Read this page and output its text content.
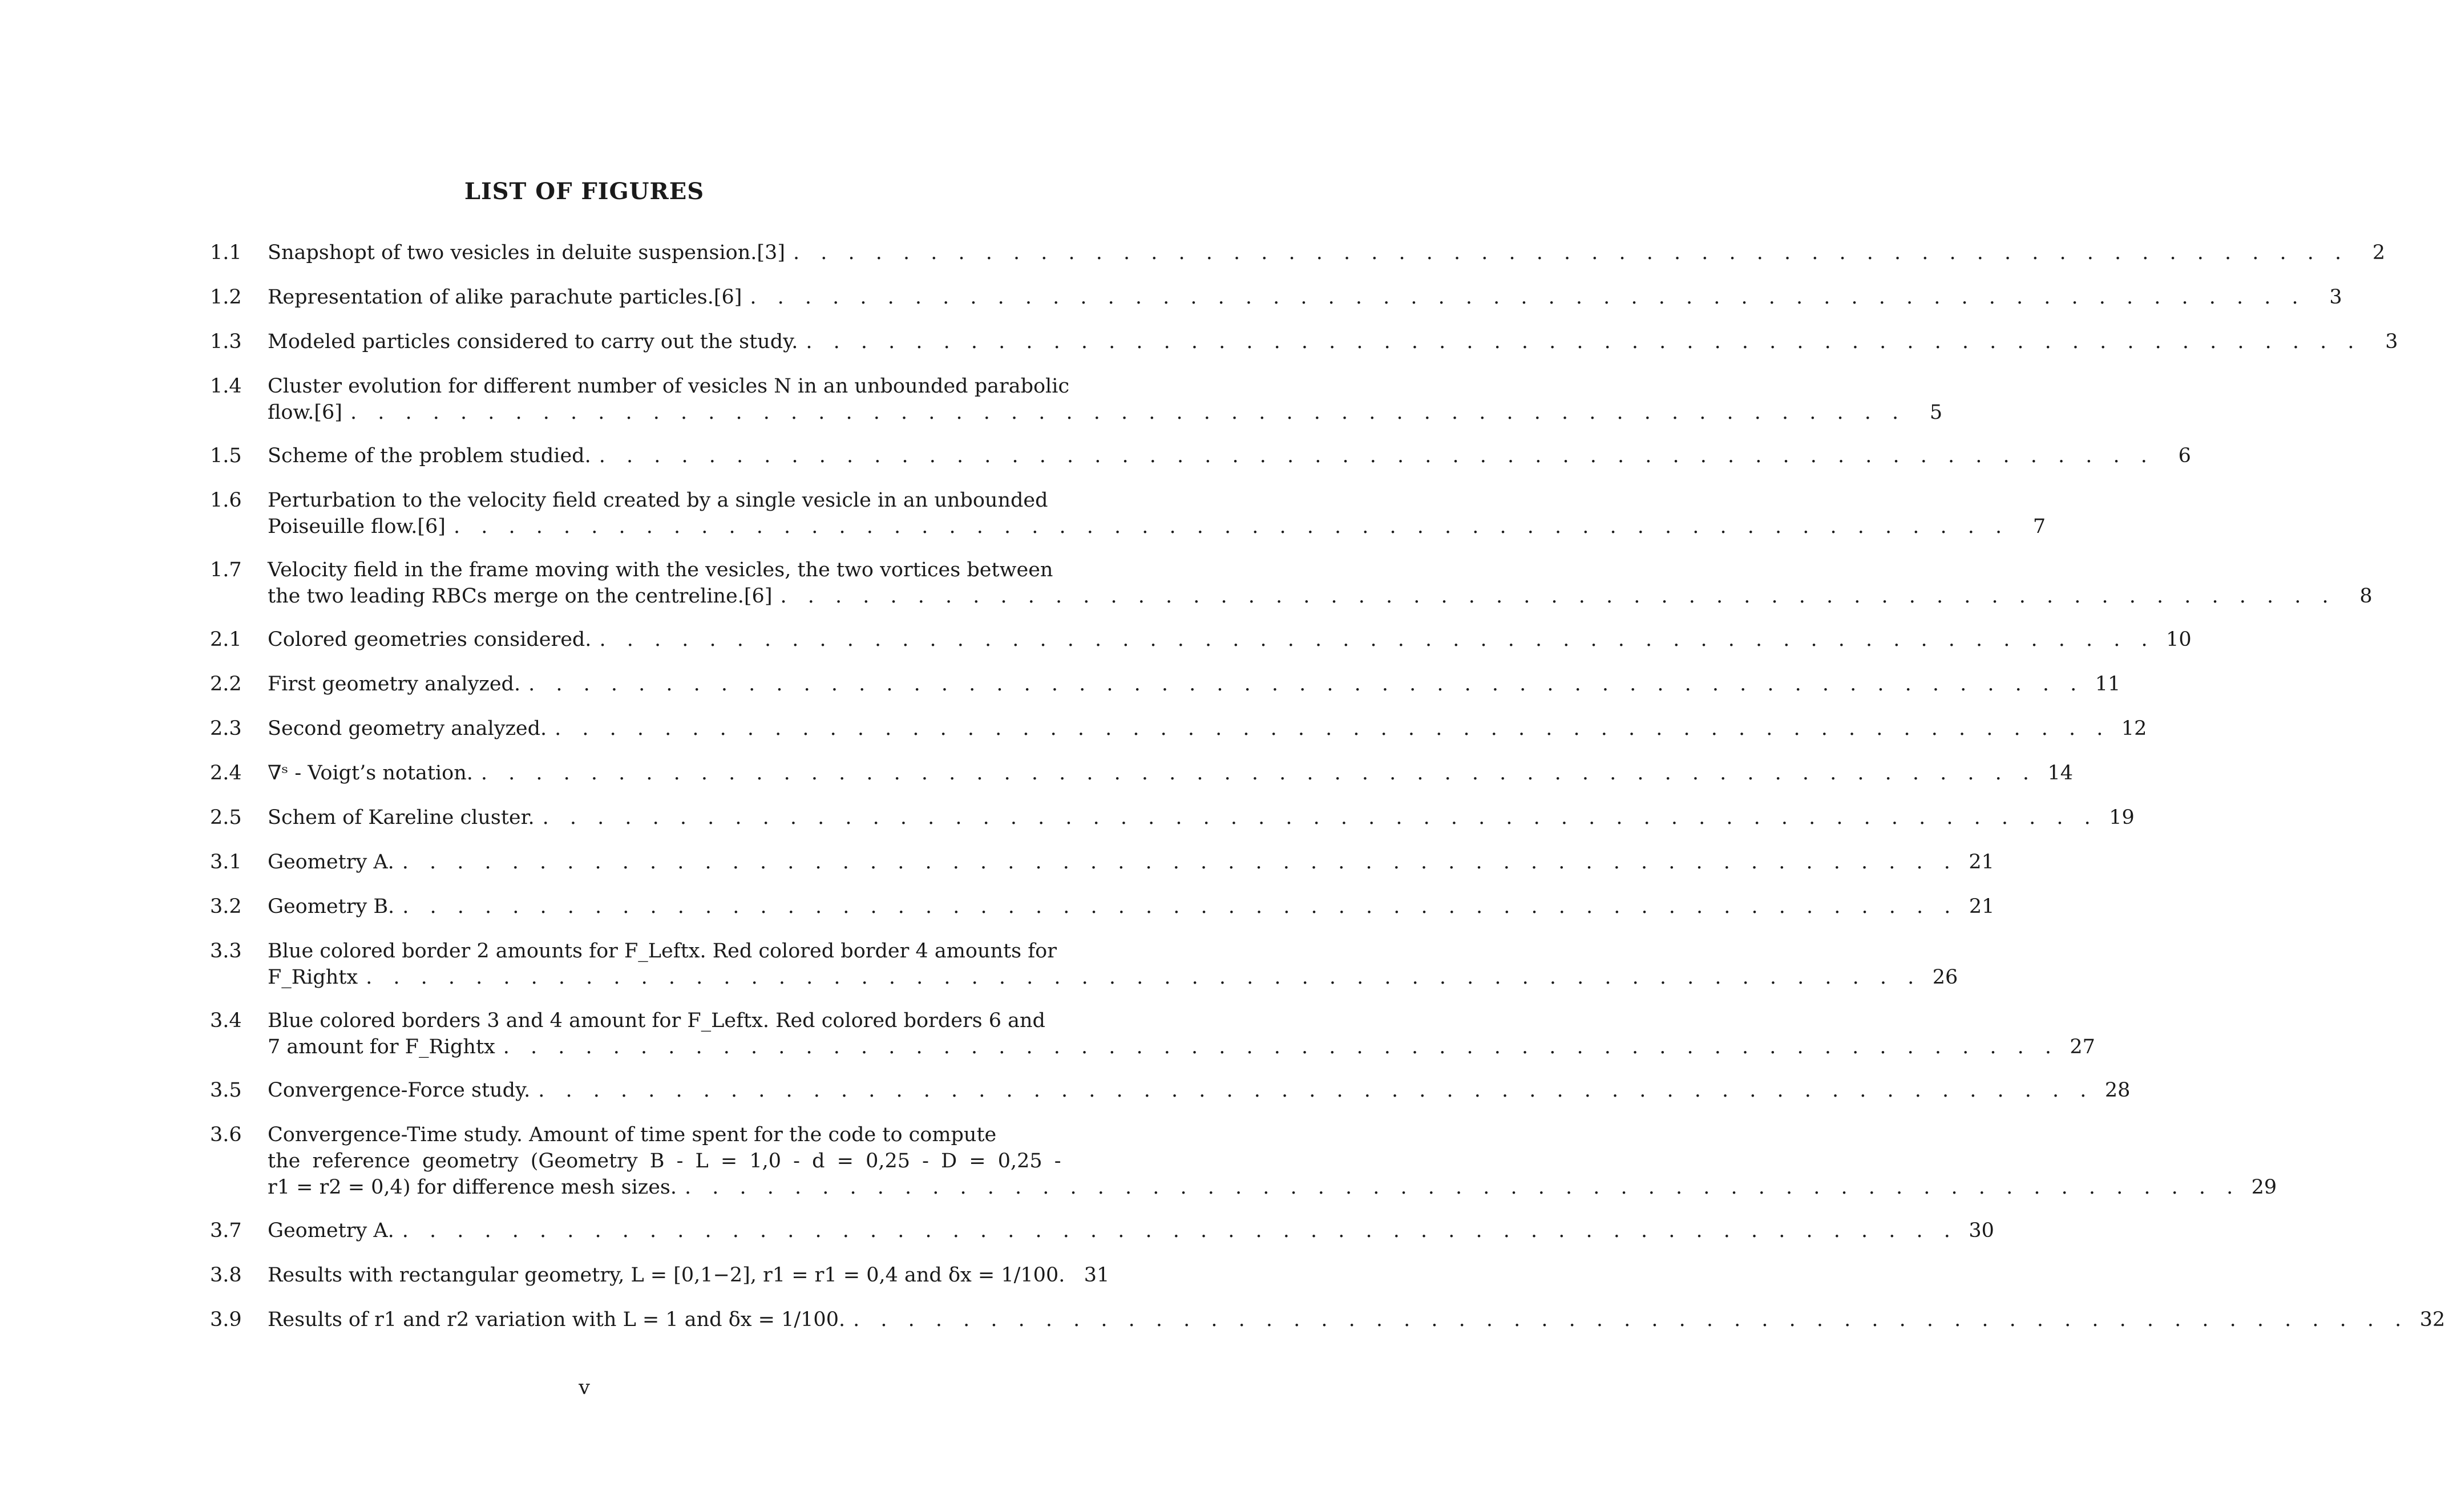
LIST OF FIGURES
1.1	Snapshopt of two vesicles in deluite suspension.[3] . . . . . . . . . . . . . . . . . . . . . . . . . . . . . . . . . . . . . . . . . . . . . . . . . . . . . . . . .	2
1.2	Representation of alike parachute particles.[6] . . . . . . . . . . . . . . . . . . . . . . . . . . . . . . . . . . . . . . . . . . . . . . . . . . . . . . . . .	3
1.3	Modeled particles considered to carry out the study. . . . . . . . . . . . . . . . . . . . . . . . . . . . . . . . . . . . . . . . . . . . . . . . . . . . . . . . . .	3
1.4	Cluster evolution for different number of vesicles N in an unbounded parabolic
flow.[6] . . . . . . . . . . . . . . . . . . . . . . . . . . . . . . . . . . . . . . . . . . . . . . . . . . . . . . . . .	5
1.5	Scheme of the problem studied. . . . . . . . . . . . . . . . . . . . . . . . . . . . . . . . . . . . . . . . . . . . . . . . . . . . . . . . . .	6
1.6	Perturbation to the velocity field created by a single vesicle in an unbounded
Poiseuille flow.[6] . . . . . . . . . . . . . . . . . . . . . . . . . . . . . . . . . . . . . . . . . . . . . . . . . . . . . . . . .	7
1.7	Velocity field in the frame moving with the vesicles, the two vortices between
the two leading RBCs merge on the centreline.[6] . . . . . . . . . . . . . . . . . . . . . . . . . . . . . . . . . . . . . . . . . . . . . . . . . . . . . . . . .	8
2.1	Colored geometries considered. . . . . . . . . . . . . . . . . . . . . . . . . . . . . . . . . . . . . . . . . . . . . . . . . . . . . . . . . . 10
2.2	First geometry analyzed. . . . . . . . . . . . . . . . . . . . . . . . . . . . . . . . . . . . . . . . . . . . . . . . . . . . . . . . . . 11
2.3	Second geometry analyzed. . . . . . . . . . . . . . . . . . . . . . . . . . . . . . . . . . . . . . . . . . . . . . . . . . . . . . . . . . 12
2.4	∇ˢ - Voigt’s notation. . . . . . . . . . . . . . . . . . . . . . . . . . . . . . . . . . . . . . . . . . . . . . . . . . . . . . . . . . 14
2.5	Schem of Kareline cluster. . . . . . . . . . . . . . . . . . . . . . . . . . . . . . . . . . . . . . . . . . . . . . . . . . . . . . . . . . 19
3.1	Geometry A. . . . . . . . . . . . . . . . . . . . . . . . . . . . . . . . . . . . . . . . . . . . . . . . . . . . . . . . . . 21
3.2	Geometry B. . . . . . . . . . . . . . . . . . . . . . . . . . . . . . . . . . . . . . . . . . . . . . . . . . . . . . . . . . 21
3.3	Blue colored border 2 amounts for F_Leftx. Red colored border 4 amounts for
F_Rightx . . . . . . . . . . . . . . . . . . . . . . . . . . . . . . . . . . . . . . . . . . . . . . . . . . . . . . . . . 26
3.4	Blue colored borders 3 and 4 amount for F_Leftx. Red colored borders 6 and
7 amount for F_Rightx . . . . . . . . . . . . . . . . . . . . . . . . . . . . . . . . . . . . . . . . . . . . . . . . . . . . . . . . . 27
3.5	Convergence-Force study. . . . . . . . . . . . . . . . . . . . . . . . . . . . . . . . . . . . . . . . . . . . . . . . . . . . . . . . . . 28
3.6	Convergence-Time study. Amount of time spent for the code to compute
the reference geometry (Geometry B - L = 1,0 - d = 0,25 - D = 0,25 -
r1 = r2 = 0,4) for difference mesh sizes. . . . . . . . . . . . . . . . . . . . . . . . . . . . . . . . . . . . . . . . . . . . . . . . . . . . . . . . . . 29
3.7	Geometry A. . . . . . . . . . . . . . . . . . . . . . . . . . . . . . . . . . . . . . . . . . . . . . . . . . . . . . . . . . 30
3.8	Results with rectangular geometry, L = [0,1−2], r1 = r1 = 0,4 and δx = 1/100. 31
3.9	Results of r1 and r2 variation with L = 1 and δx = 1/100. . . . . . . . . . . . . . . . . . . . . . . . . . . . . . . . . . . . . . . . . . . . . . . . . . . . . . . . . . 32
v
